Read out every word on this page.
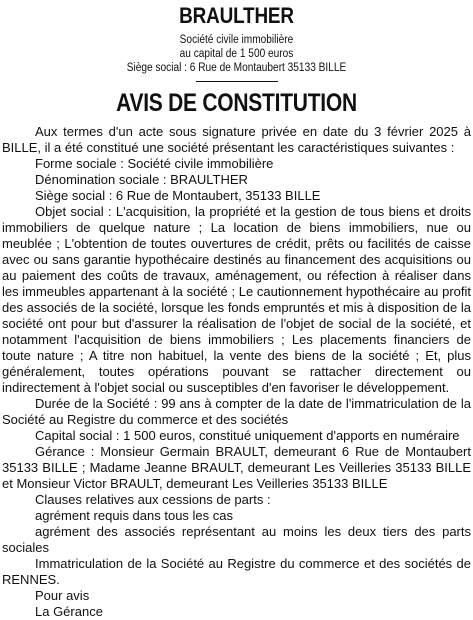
BRAULTHER

Société civile immobilière

au capital de 1 500 euros

Siège social : 6 Rue de Montaubert 35133 BILLE

AVIS DE CONSTITUTION

Aux termes d'un acte sous signature privée en date du 3 février 2025 à BILLE, il a été constitué une société présentant les caractéristiques suivantes :

Forme sociale : Société civile immobilière

Dénomination sociale : BRAULTHER

Siège social : 6 Rue de Montaubert, 35133 BILLE

Objet social : L'acquisition, la propriété et la gestion de tous biens et droits immobiliers de quelque nature ; La location de biens immobiliers, nue ou meublée ; L'obtention de toutes ouvertures de crédit, prêts ou facilités de caisse avec ou sans garantie hypothécaire destinés au financement des acquisitions ou au paiement des coûts de travaux, aménagement, ou réfection à réaliser dans les immeubles appartenant à la société ; Le cautionnement hypothécaire au profit des associés de la société, lorsque les fonds empruntés et mis à disposition de la société ont pour but d'assurer la réalisation de l'objet de social de la société, et notamment l'acquisition de biens immobiliers ; Les placements financiers de toute nature ; A titre non habituel, la vente des biens de la société ; Et, plus généralement, toutes opérations pouvant se rattacher directement ou indirectement à l'objet social ou susceptibles d'en favoriser le développement.

Durée de la Société : 99 ans à compter de la date de l'immatriculation de la Société au Registre du commerce et des sociétés

Capital social : 1 500 euros, constitué uniquement d'apports en numéraire

Gérance : Monsieur Germain BRAULT, demeurant 6 Rue de Montaubert 35133 BILLE ; Madame Jeanne BRAULT, demeurant Les Veilleries 35133 BILLE et Monsieur Victor BRAULT, demeurant Les Veilleries 35133 BILLE

Clauses relatives aux cessions de parts :

agrément requis dans tous les cas

agrément des associés représentant au moins les deux tiers des parts sociales

Immatriculation de la Société au Registre du commerce et des sociétés de RENNES.

Pour avis

La Gérance
